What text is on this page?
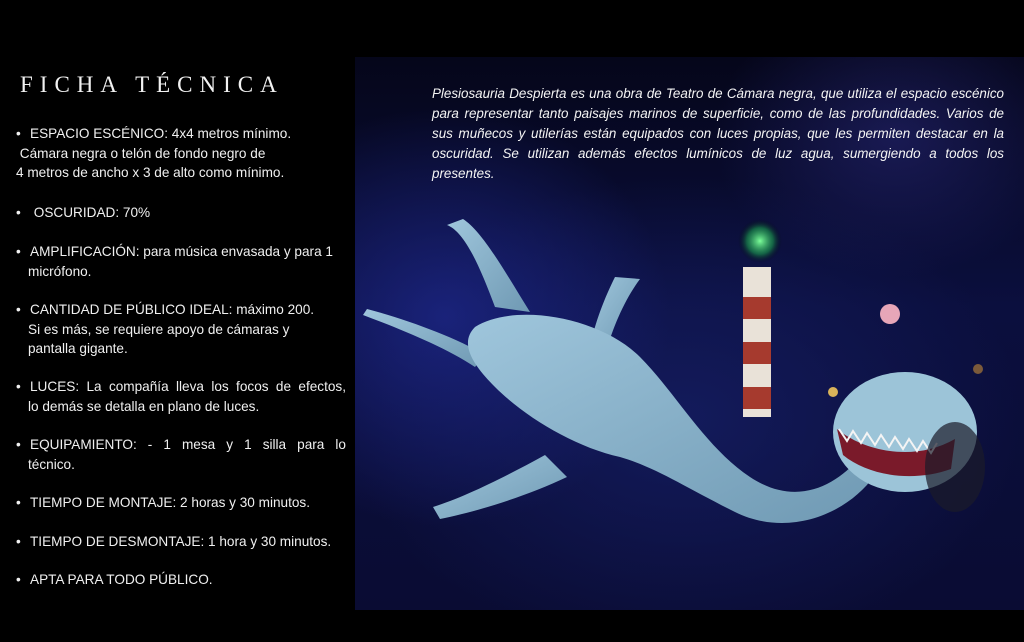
FICHA TÉCNICA
• ESPACIO ESCÉNICO: 4x4 metros mínimo.
Cámara negra o telón de fondo negro de
4 metros de ancho x 3 de alto como mínimo.
• OSCURIDAD: 70%
• AMPLIFICACIÓN: para música envasada y para 1
micrófono.
• CANTIDAD DE PÚBLICO IDEAL: máximo 200.
Si es más, se requiere apoyo de cámaras y
pantalla gigante.
• LUCES: La compañía lleva los focos de efectos,
lo demás se detalla en plano de luces.
• EQUIPAMIENTO: - 1 mesa y 1 silla para lo
técnico.
• TIEMPO DE MONTAJE: 2 horas y 30 minutos.
• TIEMPO DE DESMONTAJE: 1 hora y 30 minutos.
• APTA PARA TODO PÚBLICO.

Plesiosauria Despierta es una obra de Teatro de Cámara negra, que utiliza el espacio escénico para representar tanto paisajes marinos de superficie, como de las profundidades. Varios de sus muñecos y utilerías están equipados con luces propias, que les permiten destacar en la oscuridad. Se utilizan además efectos lumínicos de luz agua, sumergiendo a todos los presentes.
